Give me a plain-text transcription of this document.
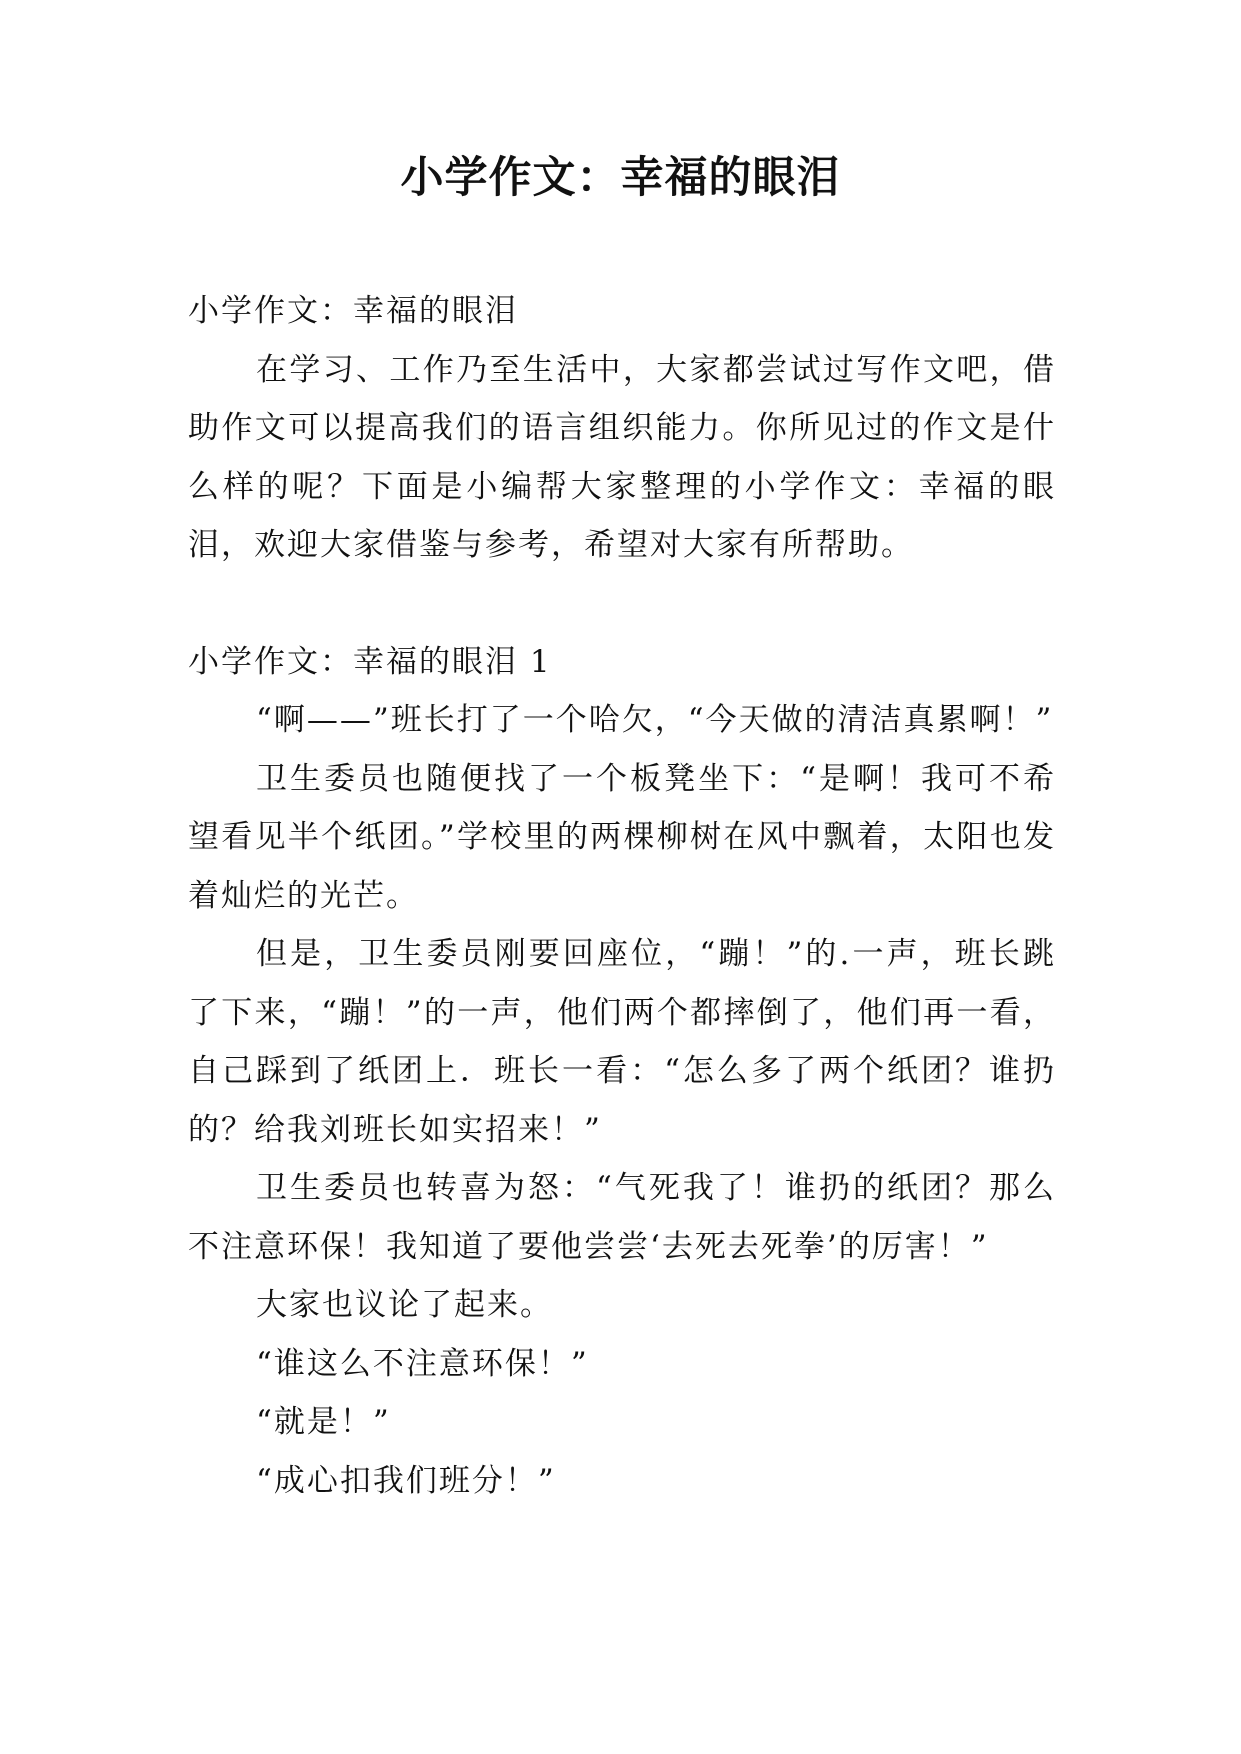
小学作文：幸福的眼泪

小学作文：幸福的眼泪

在学习、工作乃至生活中，大家都尝试过写作文吧，借助作文可以提高我们的语言组织能力。你所见过的作文是什么样的呢？下面是小编帮大家整理的小学作文：幸福的眼泪，欢迎大家借鉴与参考，希望对大家有所帮助。

小学作文：幸福的眼泪 1

“啊——”班长打了一个哈欠，“今天做的清洁真累啊！”

卫生委员也随便找了一个板凳坐下：“是啊！我可不希望看见半个纸团。”学校里的两棵柳树在风中飘着，太阳也发着灿烂的光芒。

但是，卫生委员刚要回座位，“蹦！”的.一声，班长跳了下来，“蹦！”的一声，他们两个都摔倒了，他们再一看，自己踩到了纸团上．班长一看：“怎么多了两个纸团？谁扔的？给我刘班长如实招来！”

卫生委员也转喜为怒：“气死我了！谁扔的纸团？那么不注意环保！我知道了要他尝尝‘去死去死拳’的厉害！”

大家也议论了起来。

“谁这么不注意环保！”

“就是！”

“成心扣我们班分！”
